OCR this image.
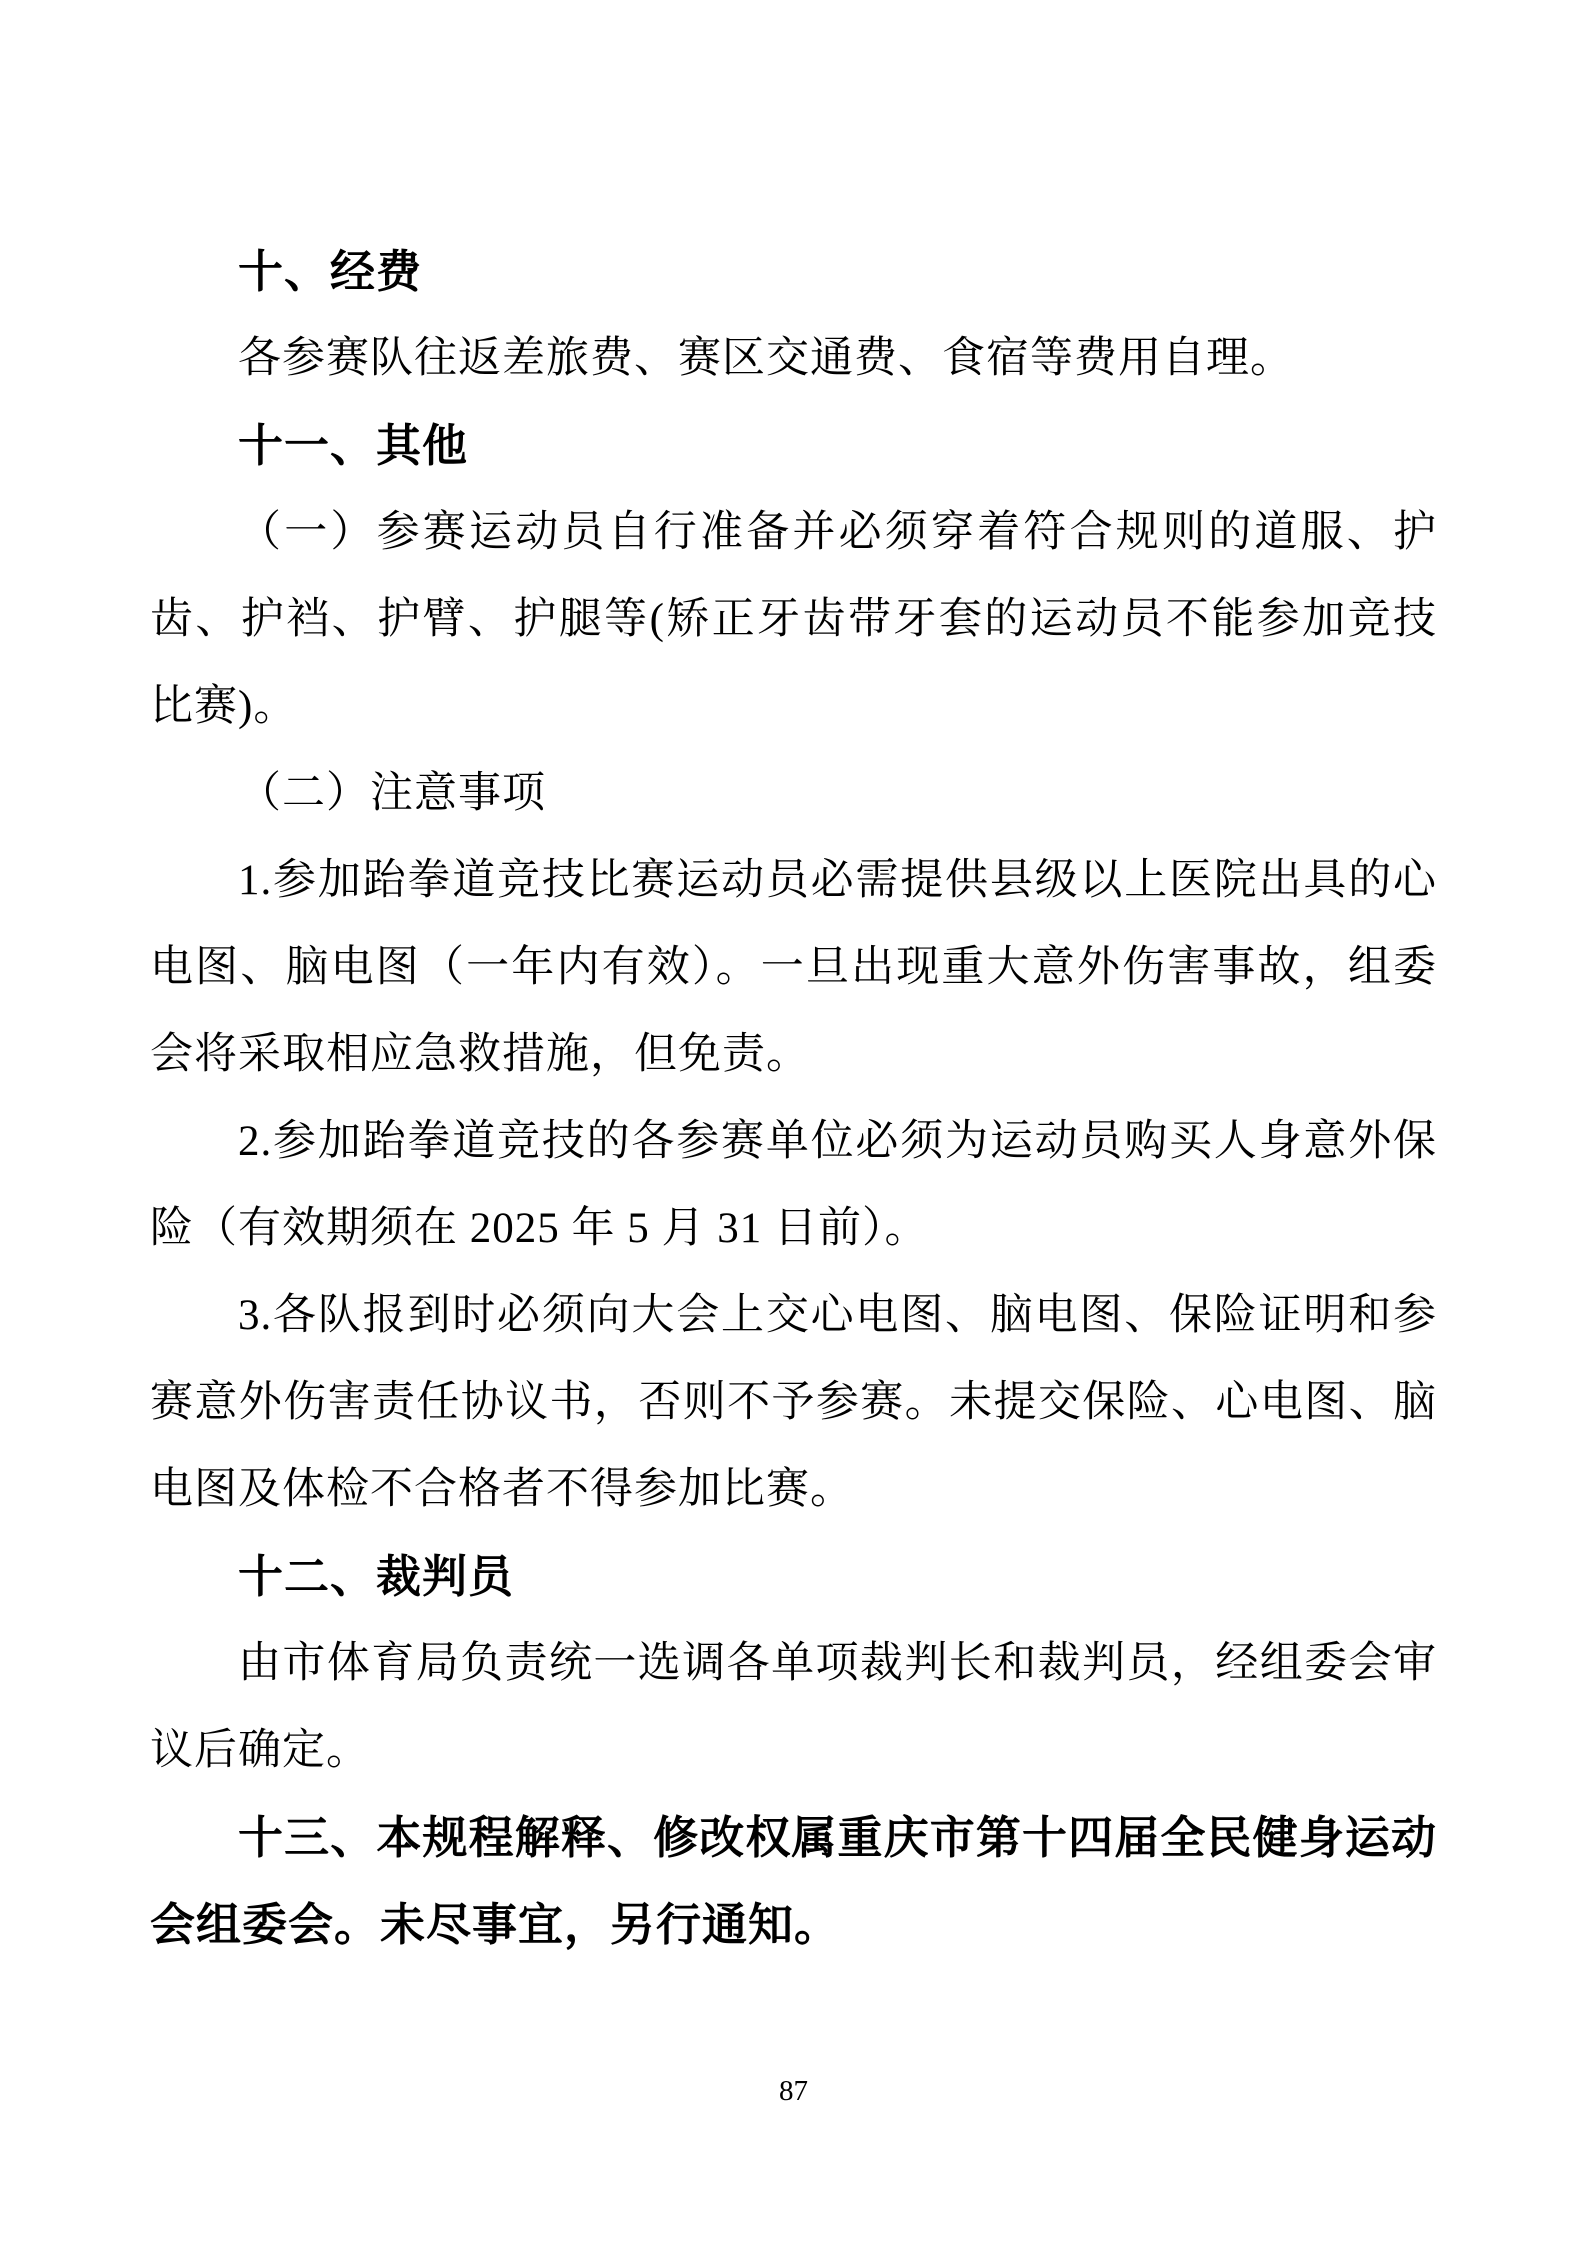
十、经费
各参赛队往返差旅费、赛区交通费、食宿等费用自理。
十一、其他
（一）参赛运动员自行准备并必须穿着符合规则的道服、护齿、护裆、护臂、护腿等(矫正牙齿带牙套的运动员不能参加竞技比赛)。
（二）注意事项
1.参加跆拳道竞技比赛运动员必需提供县级以上医院出具的心电图、脑电图（一年内有效）。一旦出现重大意外伤害事故，组委会将采取相应急救措施，但免责。
2.参加跆拳道竞技的各参赛单位必须为运动员购买人身意外保险（有效期须在 2025 年 5 月 31 日前）。
3.各队报到时必须向大会上交心电图、脑电图、保险证明和参赛意外伤害责任协议书，否则不予参赛。未提交保险、心电图、脑电图及体检不合格者不得参加比赛。
十二、裁判员
由市体育局负责统一选调各单项裁判长和裁判员，经组委会审议后确定。
十三、本规程解释、修改权属重庆市第十四届全民健身运动会组委会。未尽事宜，另行通知。
87
